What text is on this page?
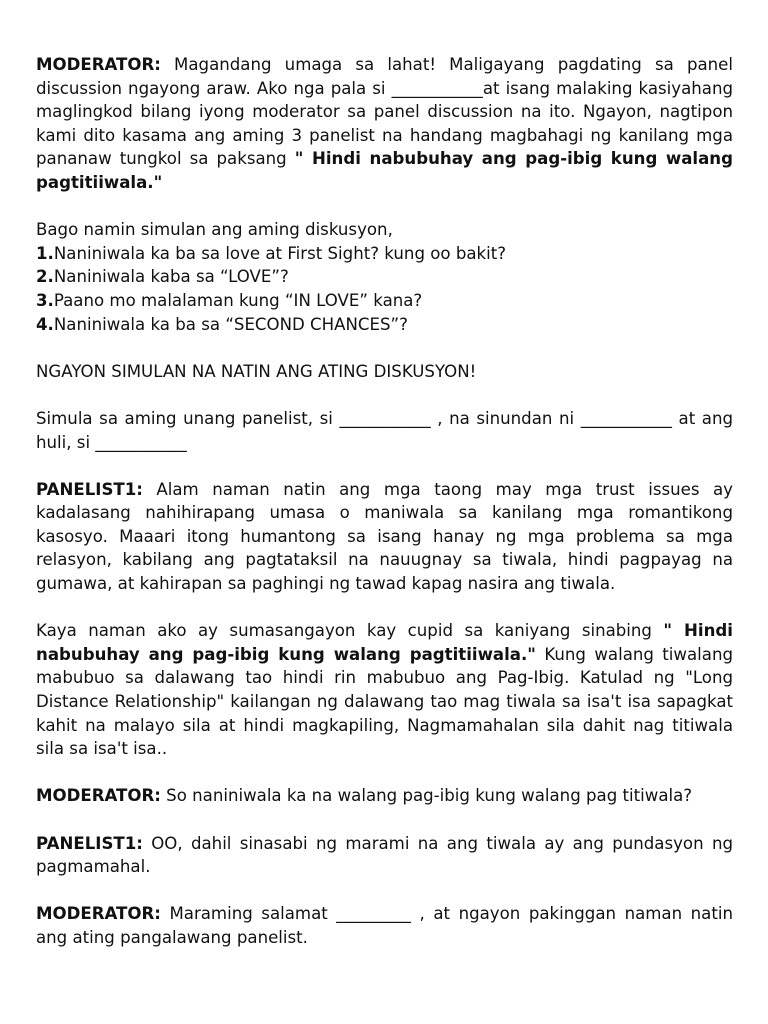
MODERATOR: Magandang umaga sa lahat! Maligayang pagdating sa panel discussion ngayong araw. Ako nga pala si ___________at isang malaking kasiyahang maglingkod bilang iyong moderator sa panel discussion na ito. Ngayon, nagtipon kami dito kasama ang aming 3 panelist na handang magbahagi ng kanilang mga pananaw tungkol sa paksang " Hindi nabubuhay ang pag-ibig kung walang pagtitiiwala."

Bago namin simulan ang aming diskusyon,

1.Naniniwala ka ba sa love at First Sight? kung oo bakit?

2.Naniniwala kaba sa “LOVE”?

3.Paano mo malalaman kung “IN LOVE” kana?

4.Naniniwala ka ba sa “SECOND CHANCES”?

NGAYON SIMULAN NA NATIN ANG ATING DISKUSYON!

Simula sa aming unang panelist, si ___________ , na sinundan ni ___________ at ang huli, si ___________

PANELIST1: Alam naman natin ang mga taong may mga trust issues ay kadalasang nahihirapang umasa o maniwala sa kanilang mga romantikong kasosyo. Maaari itong humantong sa isang hanay ng mga problema sa mga relasyon, kabilang ang pagtataksil na nauugnay sa tiwala, hindi pagpayag na gumawa, at kahirapan sa paghingi ng tawad kapag nasira ang tiwala.

Kaya naman ako ay sumasangayon kay cupid sa kaniyang sinabing " Hindi nabubuhay ang pag-ibig kung walang pagtitiiwala." Kung walang tiwalang mabubuo sa dalawang tao hindi rin mabubuo ang Pag-Ibig. Katulad ng "Long Distance Relationship" kailangan ng dalawang tao mag tiwala sa isa't isa sapagkat kahit na malayo sila at hindi magkapiling, Nagmamahalan sila dahit nag titiwala sila sa isa't isa..

MODERATOR: So naniniwala ka na walang pag-ibig kung walang pag titiwala?

PANELIST1: OO, dahil sinasabi ng marami na ang tiwala ay ang pundasyon ng pagmamahal.

MODERATOR: Maraming salamat _________ , at ngayon pakinggan naman natin ang ating pangalawang panelist.
